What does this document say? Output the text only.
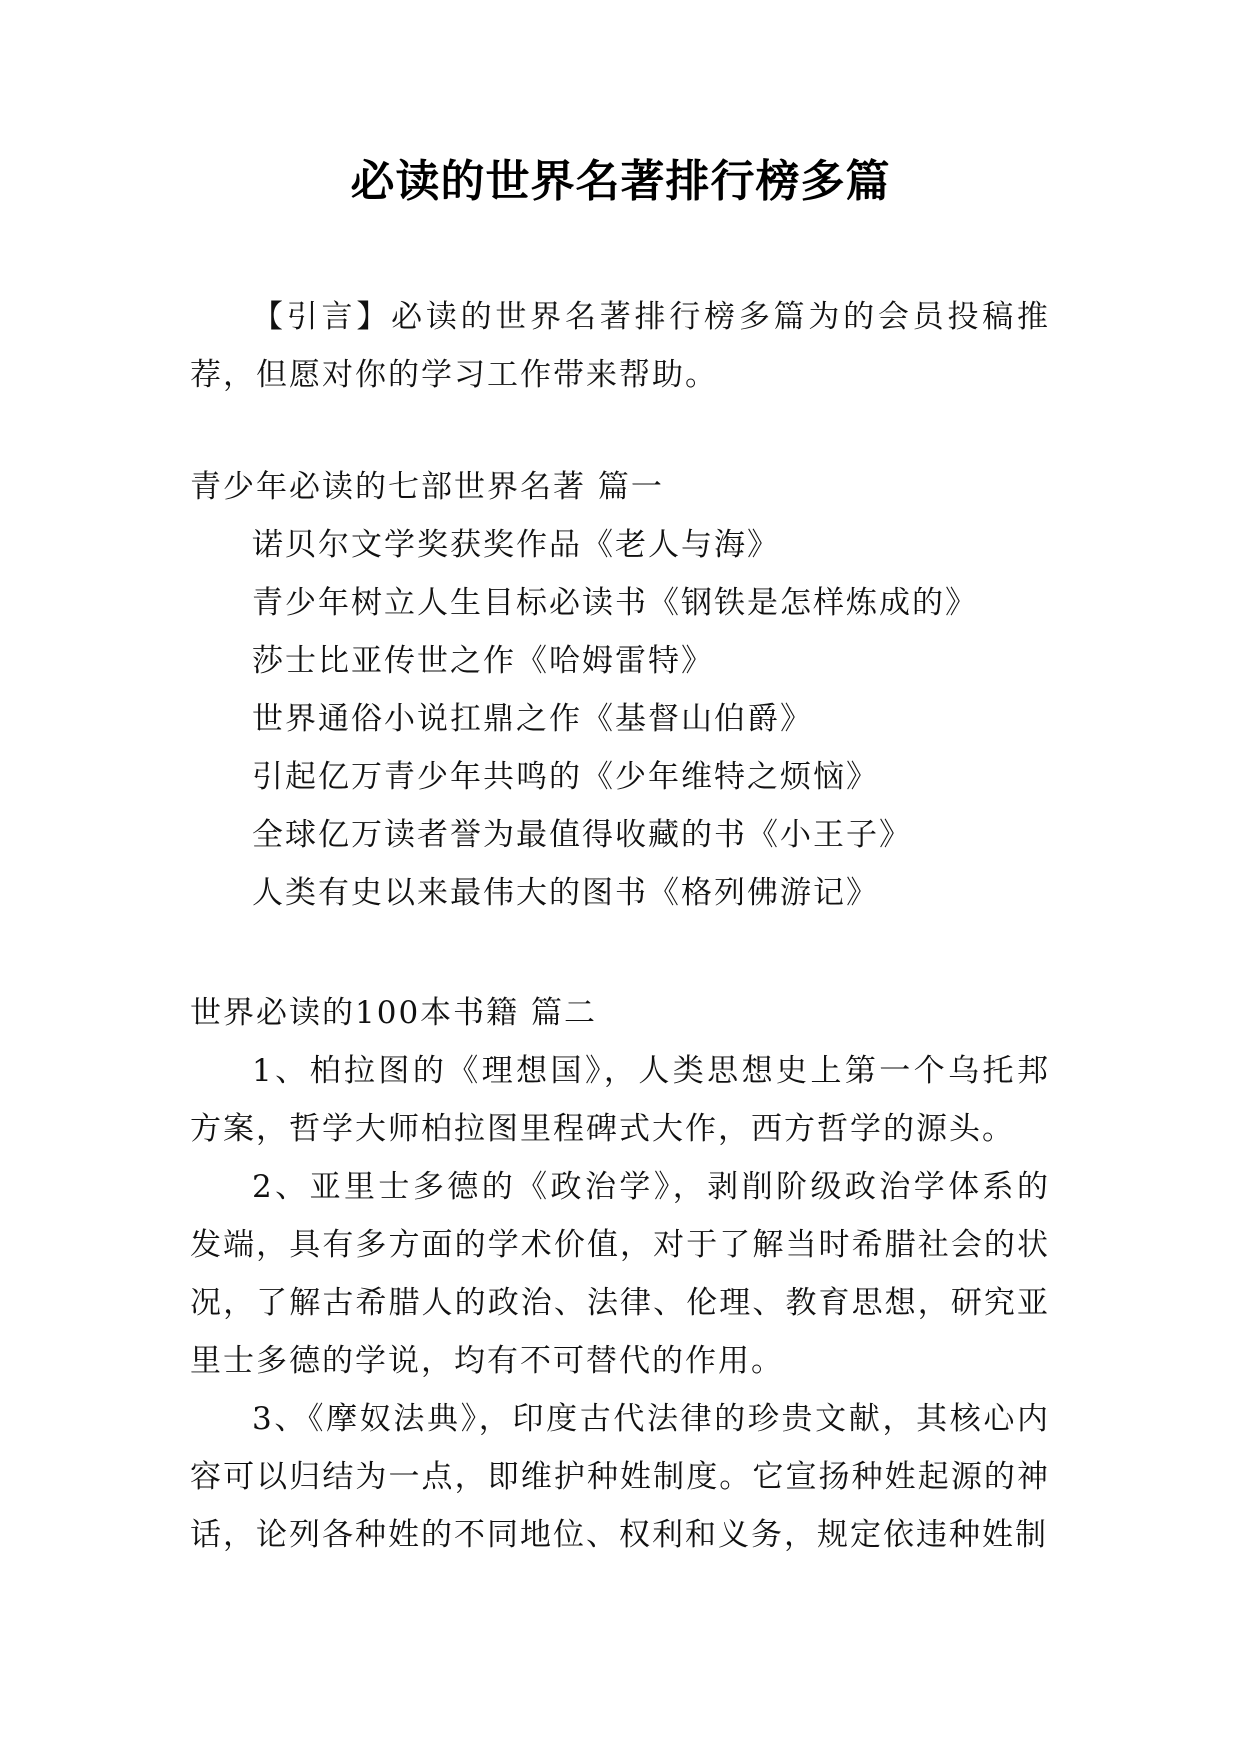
必读的世界名著排行榜多篇

【引言】必读的世界名著排行榜多篇为的会员投稿推荐，但愿对你的学习工作带来帮助。

青少年必读的七部世界名著 篇一

诺贝尔文学奖获奖作品《老人与海》

青少年树立人生目标必读书《钢铁是怎样炼成的》

莎士比亚传世之作《哈姆雷特》

世界通俗小说扛鼎之作《基督山伯爵》

引起亿万青少年共鸣的《少年维特之烦恼》

全球亿万读者誉为最值得收藏的书《小王子》

人类有史以来最伟大的图书《格列佛游记》

世界必读的100本书籍 篇二

1、柏拉图的《理想国》，人类思想史上第一个乌托邦方案，哲学大师柏拉图里程碑式大作，西方哲学的源头。

2、亚里士多德的《政治学》，剥削阶级政治学体系的发端，具有多方面的学术价值，对于了解当时希腊社会的状况，了解古希腊人的政治、法律、伦理、教育思想，研究亚里士多德的学说，均有不可替代的作用。

3、《摩奴法典》，印度古代法律的珍贵文献，其核心内容可以归结为一点，即维护种姓制度。它宣扬种姓起源的神话，论列各种姓的不同地位、权利和义务，规定依违种姓制
